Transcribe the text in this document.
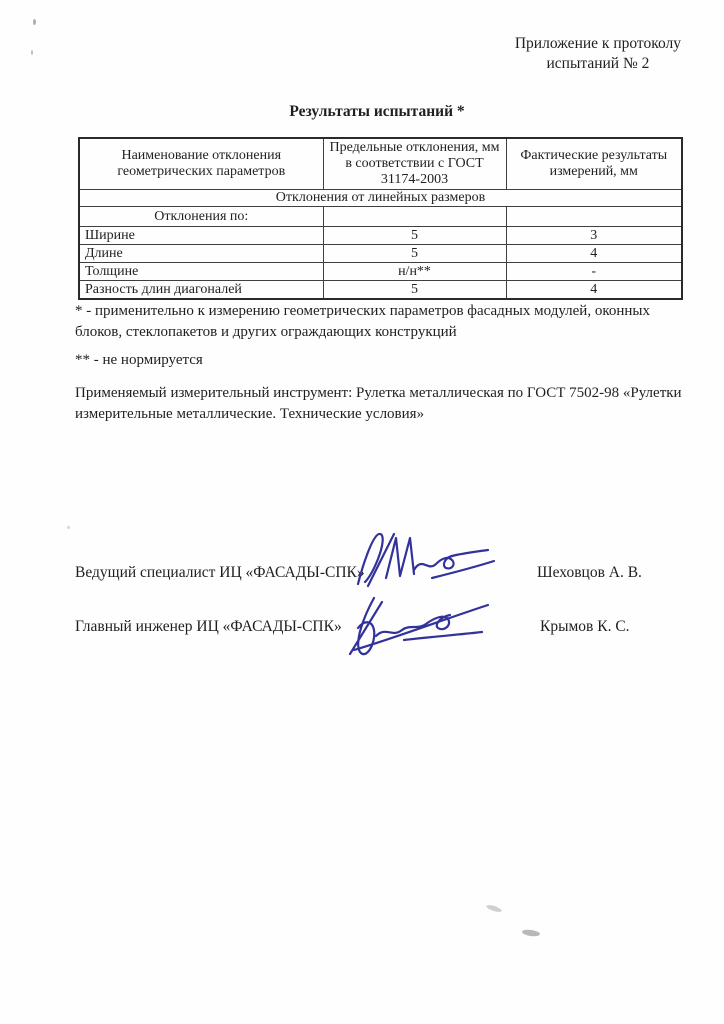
Приложение к протоколу
испытаний № 2
Результаты испытаний *
Наименование отклонения геометрических параметров	Предельные отклонения, мм в соответствии с ГОСТ 31174-2003	Фактические результаты измерений, мм
Отклонения от линейных размеров		
Отклонения по:		
Ширине	5	3
Длине	5	4
Толщине	н/н**	-
Разность длин диагоналей	5	4
* - применительно к измерению геометрических параметров фасадных модулей, оконных блоков, стеклопакетов и других ограждающих конструкций
** - не нормируется
Применяемый измерительный инструмент: Рулетка металлическая по ГОСТ 7502-98 «Рулетки измерительные металлические. Технические условия»
Ведущий специалист ИЦ «ФАСАДЫ-СПК»	Шеховцов А. В.
Главный инженер ИЦ «ФАСАДЫ-СПК»	Крымов К. С.
